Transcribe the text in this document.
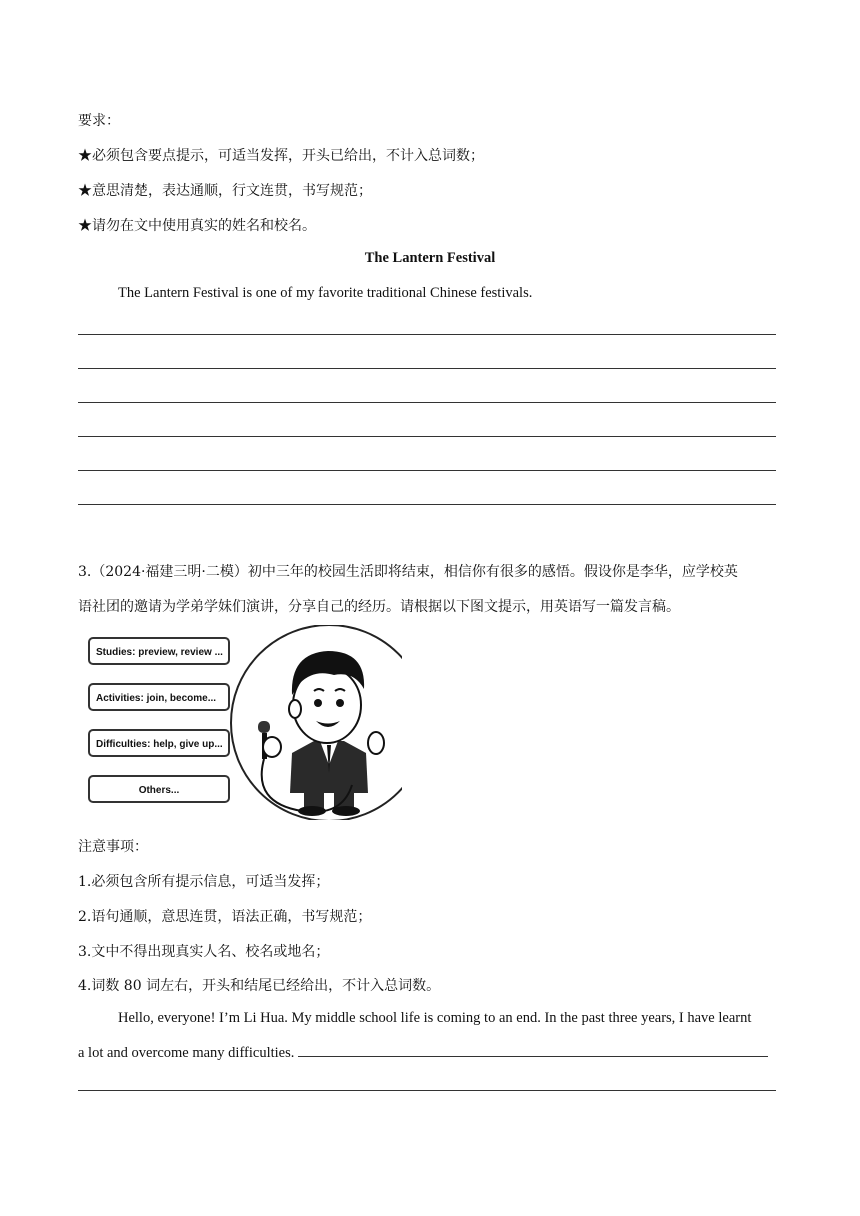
要求：
★必须包含要点提示，可适当发挥，开头已给出，不计入总词数；
★意思清楚，表达通顺，行文连贯，书写规范；
★请勿在文中使用真实的姓名和校名。
The Lantern Festival
The Lantern Festival is one of my favorite traditional Chinese festivals.
3.（2024·福建三明·二模）初中三年的校园生活即将结束，相信你有很多的感悟。假设你是李华，应学校英
语社团的邀请为学弟学妹们演讲，分享自己的经历。请根据以下图文提示，用英语写一篇发言稿。
Studies: preview, review ...
Activities: join, become...
Difficulties: help, give up...
Others...
注意事项：
1.必须包含所有提示信息，可适当发挥；
2.语句通顺，意思连贯，语法正确，书写规范；
3.文中不得出现真实人名、校名或地名；
4.词数 80 词左右，开头和结尾已经给出，不计入总词数。
Hello, everyone! I’m Li Hua. My middle school life is coming to an end. In the past three years, I have learnt
a lot and overcome many difficulties.
